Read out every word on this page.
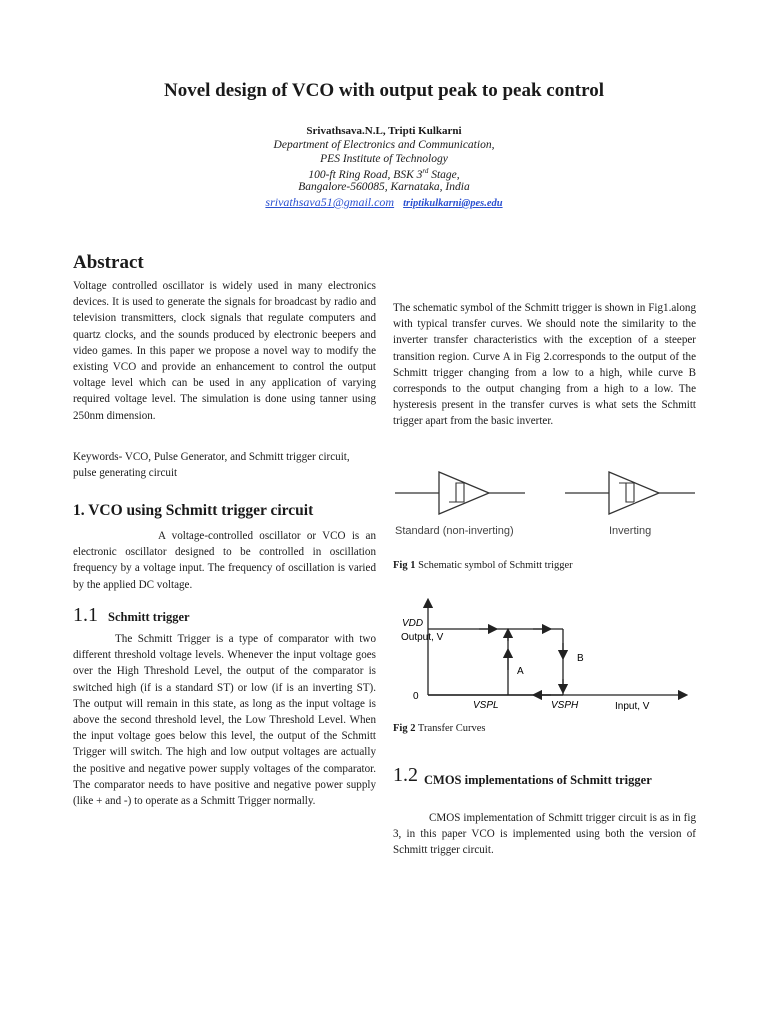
Novel design of VCO with output peak to peak control
Srivathsava.N.L, Tripti Kulkarni
Department of Electronics and Communication,
PES Institute of Technology
100-ft Ring Road, BSK 3rd Stage,
Bangalore-560085, Karnataka, India
srivathsava51@gmail.com triptikulkarni@pes.edu
Abstract
Voltage controlled oscillator is widely used in many electronics devices. It is used to generate the signals for broadcast by radio and television transmitters, clock signals that regulate computers and quartz clocks, and the sounds produced by electronic beepers and video games. In this paper we propose a novel way to modify the existing VCO and provide an enhancement to control the output voltage level which can be used in any application of varying required voltage level. The simulation is done using tanner using 250nm dimension.
Keywords- VCO, Pulse Generator, and Schmitt trigger circuit, pulse generating circuit
1. VCO using Schmitt trigger circuit
A voltage-controlled oscillator or VCO is an electronic oscillator designed to be controlled in oscillation frequency by a voltage input. The frequency of oscillation is varied by the applied DC voltage.
1.1 Schmitt trigger
The Schmitt Trigger is a type of comparator with two different threshold voltage levels. Whenever the input voltage goes over the High Threshold Level, the output of the comparator is switched high (if is a standard ST) or low (if is an inverting ST). The output will remain in this state, as long as the input voltage is above the second threshold level, the Low Threshold Level. When the input voltage goes below this level, the output of the Schmitt Trigger will switch. The high and low output voltages are actually the positive and negative power supply voltages of the comparator. The comparator needs to have positive and negative power supply (like + and -) to operate as a Schmitt Trigger normally.
The schematic symbol of the Schmitt trigger is shown in Fig1.along with typical transfer curves. We should note the similarity to the inverter transfer characteristics with the exception of a steeper transition region. Curve A in Fig 2.corresponds to the output of the Schmitt trigger changing from a low to a high, while curve B corresponds to the output changing from a high to a low. The hysteresis present in the transfer curves is what sets the Schmitt trigger apart from the basic inverter.
Standard (non-inverting)	Inverting
Fig 1 Schematic symbol of Schmitt trigger
VDD
Output, V
0
A
B
VSPL	VSPH	Input, V
Fig 2 Transfer Curves
1.2 CMOS implementations of Schmitt trigger
CMOS implementation of Schmitt trigger circuit is as in fig 3, in this paper VCO is implemented using both the version of Schmitt trigger circuit.
